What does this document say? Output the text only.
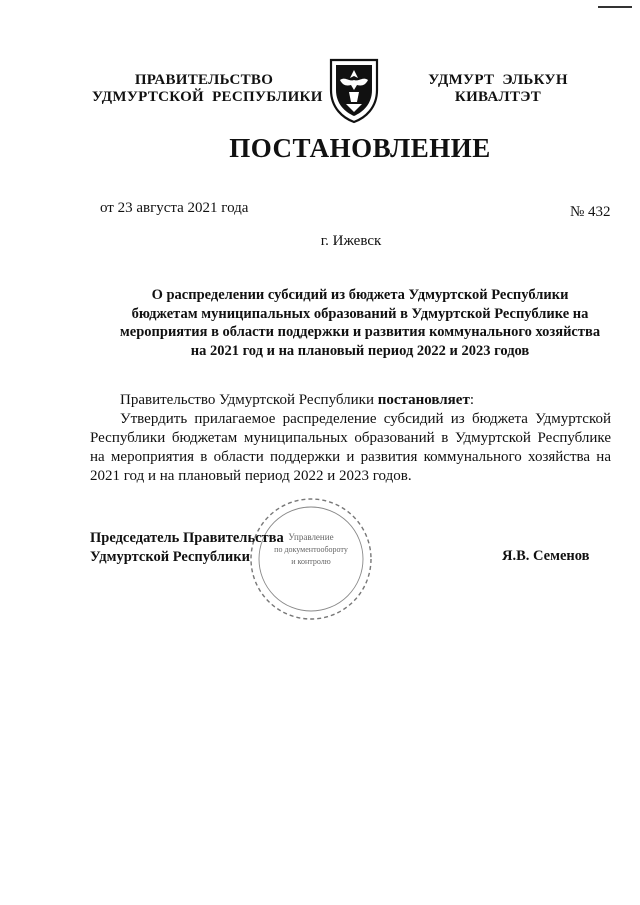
ПРАВИТЕЛЬСТВО
УДМУРТСКОЙ  РЕСПУБЛИКИ
УДМУРТ  ЭЛЬКУН
КИВАЛТЭТ
ПОСТАНОВЛЕНИЕ
от 23 августа 2021 года	№ 432
г. Ижевск
О распределении субсидий из бюджета Удмуртской Республики
бюджетам муниципальных образований в Удмуртской Республике на
мероприятия в области поддержки и развития коммунального хозяйства
на 2021 год и на плановый период 2022 и 2023 годов

Правительство Удмуртской Республики постановляет:

Утвердить прилагаемое распределение субсидий из бюджета Удмуртской Республики бюджетам муниципальных образований в Удмуртской Республике на мероприятия в области поддержки и развития коммунального хозяйства на 2021 год и на плановый период 2022 и 2023 годов.

Управление
по документообороту
и контролю
Председатель Правительства
Удмуртской Республики	Я.В. Семенов
